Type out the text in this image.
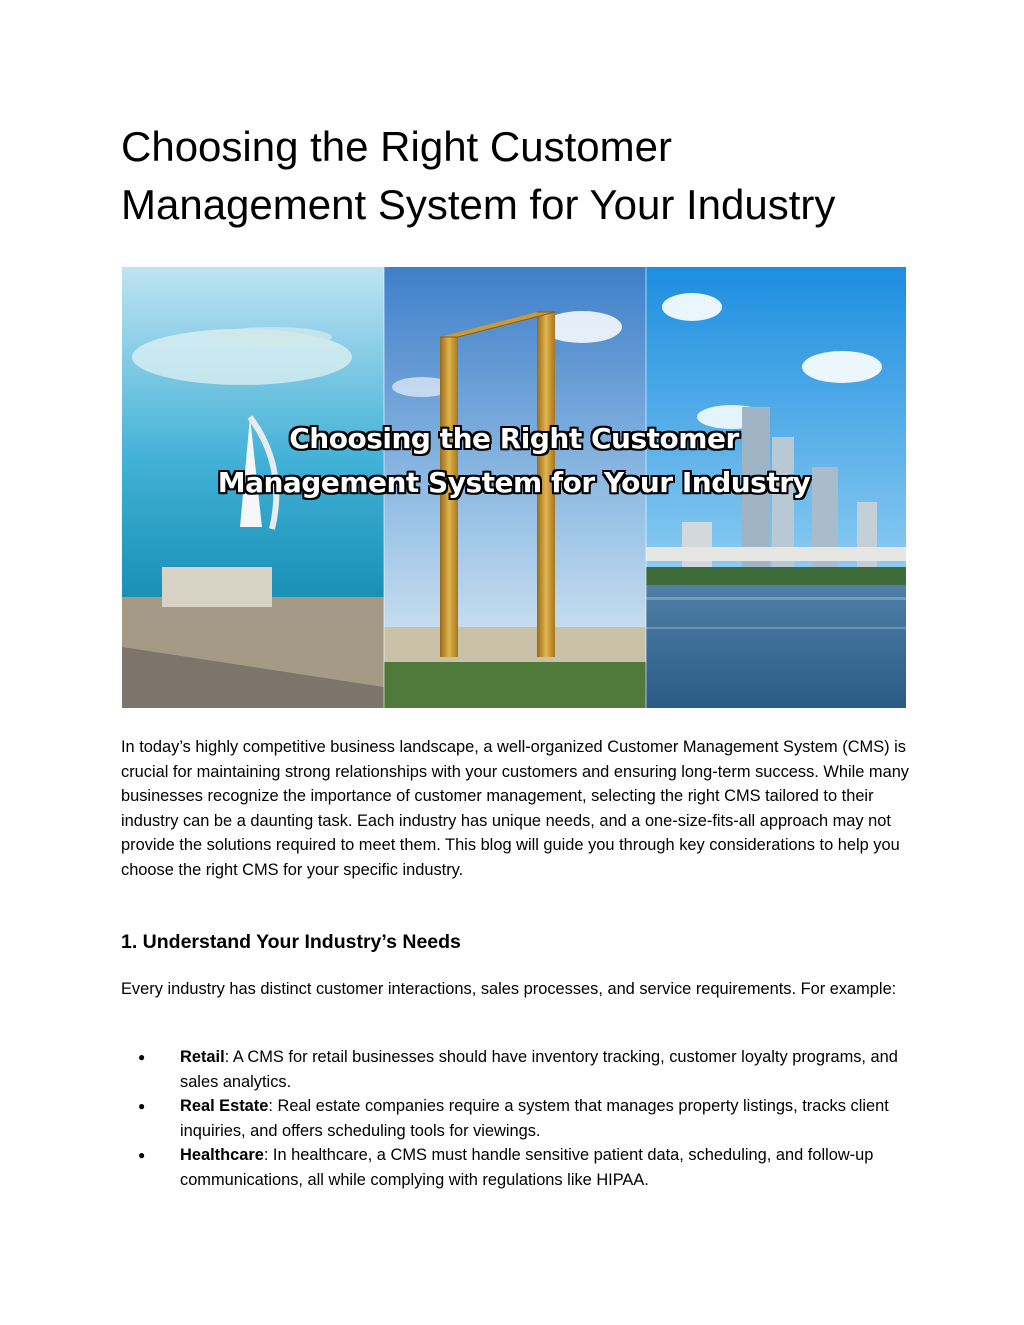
Choosing the Right Customer Management System for Your Industry
Choosing the Right Customer
Management System for Your Industry

In today’s highly competitive business landscape, a well-organized Customer Management System (CMS) is crucial for maintaining strong relationships with your customers and ensuring long-term success. While many businesses recognize the importance of customer management, selecting the right CMS tailored to their industry can be a daunting task. Each industry has unique needs, and a one-size-fits-all approach may not provide the solutions required to meet them. This blog will guide you through key considerations to help you choose the right CMS for your specific industry.

1. Understand Your Industry’s Needs

Every industry has distinct customer interactions, sales processes, and service requirements. For example:

● Retail: A CMS for retail businesses should have inventory tracking, customer loyalty programs, and sales analytics.
● Real Estate: Real estate companies require a system that manages property listings, tracks client inquiries, and offers scheduling tools for viewings.
● Healthcare: In healthcare, a CMS must handle sensitive patient data, scheduling, and follow-up communications, all while complying with regulations like HIPAA.
